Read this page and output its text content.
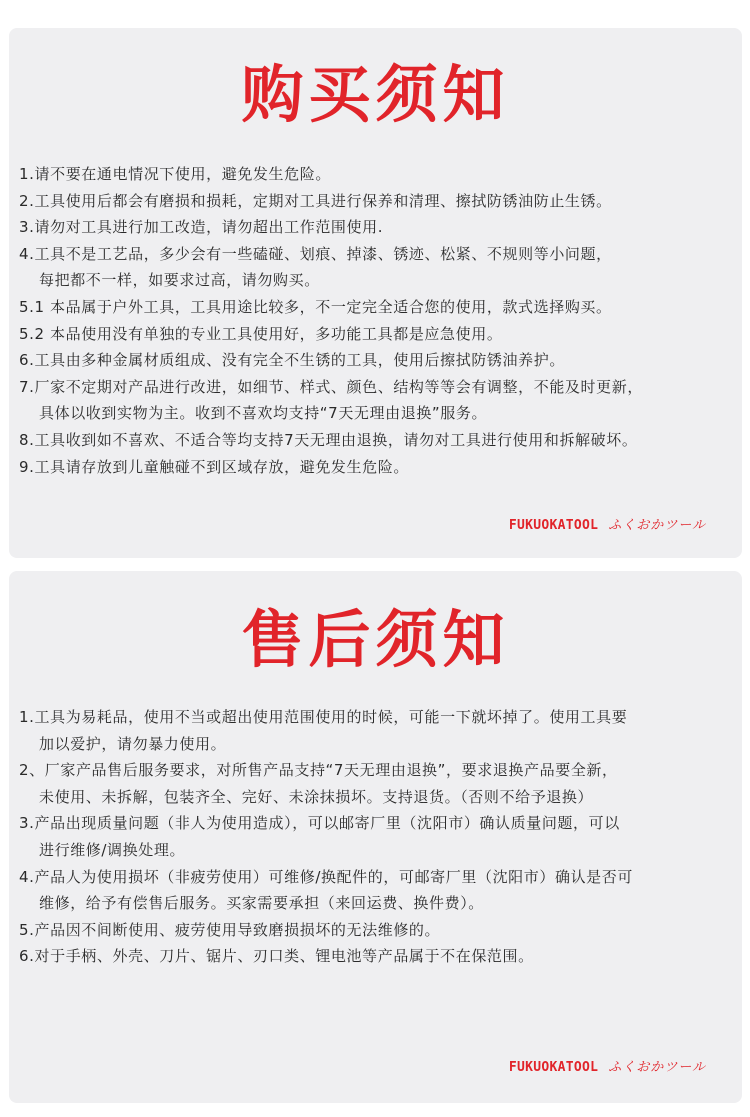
购买须知
1.请不要在通电情况下使用，避免发生危险。
2.工具使用后都会有磨损和损耗，定期对工具进行保养和清理、擦拭防锈油防止生锈。
3.请勿对工具进行加工改造，请勿超出工作范围使用.
4.工具不是工艺品，多少会有一些磕碰、划痕、掉漆、锈迹、松紧、不规则等小问题，
每把都不一样，如要求过高，请勿购买。
5.1 本品属于户外工具，工具用途比较多，不一定完全适合您的使用，款式选择购买。
5.2 本品使用没有单独的专业工具使用好，多功能工具都是应急使用。
6.工具由多种金属材质组成、没有完全不生锈的工具，使用后擦拭防锈油养护。
7.厂家不定期对产品进行改进，如细节、样式、颜色、结构等等会有调整，不能及时更新，
具体以收到实物为主。收到不喜欢均支持“7天无理由退换”服务。
8.工具收到如不喜欢、不适合等均支持7天无理由退换，请勿对工具进行使用和拆解破坏。
9.工具请存放到儿童触碰不到区域存放，避免发生危险。
FUKUOKATOOL ふくおかツール
售后须知
1.工具为易耗品，使用不当或超出使用范围使用的时候，可能一下就坏掉了。使用工具要
加以爱护，请勿暴力使用。
2、厂家产品售后服务要求，对所售产品支持“7天无理由退换”，要求退换产品要全新，
未使用、未拆解，包装齐全、完好、未涂抹损坏。支持退货。（否则不给予退换）
3.产品出现质量问题（非人为使用造成），可以邮寄厂里（沈阳市）确认质量问题，可以
进行维修/调换处理。
4.产品人为使用损坏（非疲劳使用）可维修/换配件的，可邮寄厂里（沈阳市）确认是否可
维修，给予有偿售后服务。买家需要承担（来回运费、换件费）。
5.产品因不间断使用、疲劳使用导致磨损损坏的无法维修的。
6.对于手柄、外壳、刀片、锯片、刃口类、锂电池等产品属于不在保范围。
FUKUOKATOOL ふくおかツール
